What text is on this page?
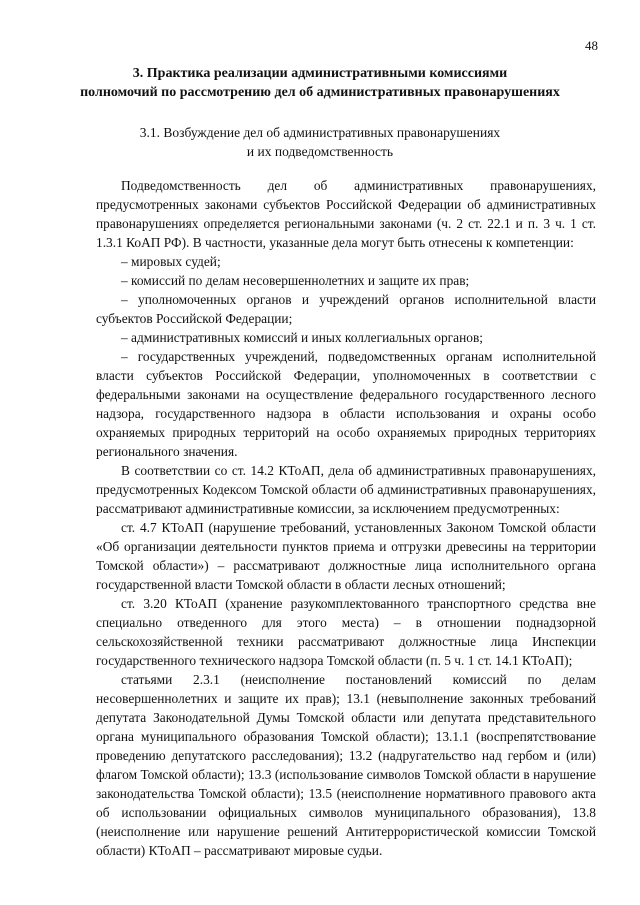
48
3. Практика реализации административными комиссиями
полномочий по рассмотрению дел об административных правонарушениях
3.1. Возбуждение дел об административных правонарушениях
и их подведомственность

Подведомственность дел об административных правонарушениях, предусмотренных законами субъектов Российской Федерации об административных правонарушениях определяется региональными законами (ч. 2 ст. 22.1 и п. 3 ч. 1 ст. 1.3.1 КоАП РФ). В частности, указанные дела могут быть отнесены к компетенции:

– мировых судей;

– комиссий по делам несовершеннолетних и защите их прав;

– уполномоченных органов и учреждений органов исполнительной власти субъектов Российской Федерации;

– административных комиссий и иных коллегиальных органов;

– государственных учреждений, подведомственных органам исполнительной власти субъектов Российской Федерации, уполномоченных в соответствии с федеральными законами на осуществление федерального государственного лесного надзора, государственного надзора в области использования и охраны особо охраняемых природных территорий на особо охраняемых природных территориях регионального значения.

В соответствии со ст. 14.2 КТоАП, дела об административных правонарушениях, предусмотренных Кодексом Томской области об административных правонарушениях, рассматривают административные комиссии, за исключением предусмотренных:

ст. 4.7 КТоАП (нарушение требований, установленных Законом Томской области «Об организации деятельности пунктов приема и отгрузки древесины на территории Томской области») – рассматривают должностные лица исполнительного органа государственной власти Томской области в области лесных отношений;

ст. 3.20 КТоАП (хранение разукомплектованного транспортного средства вне специально отведенного для этого места) – в отношении поднадзорной сельскохозяйственной техники рассматривают должностные лица Инспекции государственного технического надзора Томской области (п. 5 ч. 1 ст. 14.1 КТоАП);

статьями 2.3.1 (неисполнение постановлений комиссий по делам несовершеннолетних и защите их прав); 13.1 (невыполнение законных требований депутата Законодательной Думы Томской области или депутата представительного органа муниципального образования Томской области); 13.1.1 (воспрепятствование проведению депутатского расследования); 13.2 (надругательство над гербом и (или) флагом Томской области); 13.3 (использование символов Томской области в нарушение законодательства Томской области); 13.5 (неисполнение нормативного правового акта об использовании официальных символов муниципального образования), 13.8 (неисполнение или нарушение решений Антитеррористической комиссии Томской области) КТоАП – рассматривают мировые судьи.
